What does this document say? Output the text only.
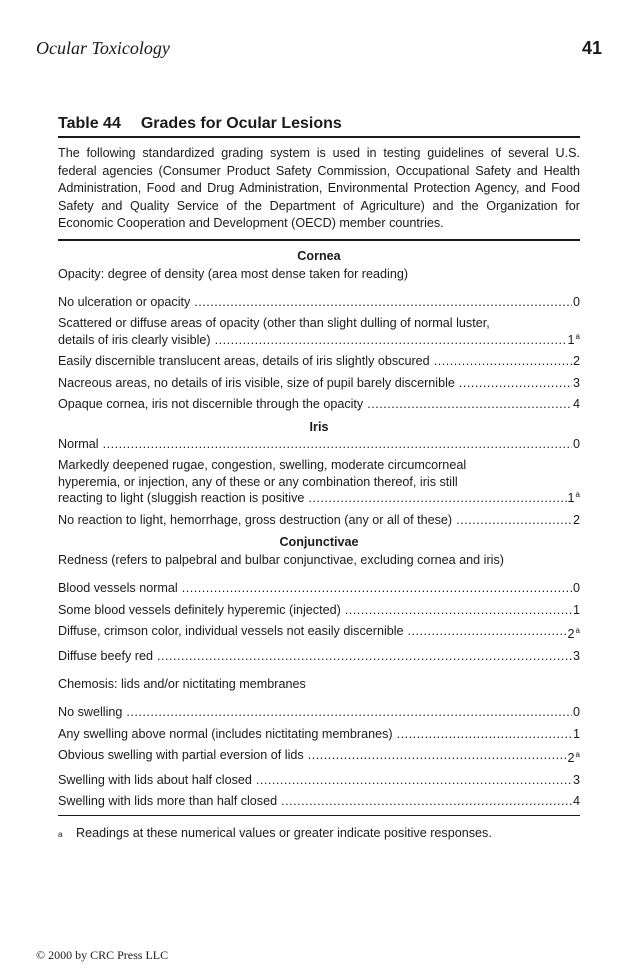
Ocular Toxicology	41
Table 44 Grades for Ocular Lesions
The following standardized grading system is used in testing guidelines of several U.S. federal agencies (Consumer Product Safety Commission, Occupational Safety and Health Administration, Food and Drug Administration, Environmental Protection Agency, and Food Safety and Quality Service of the Department of Agriculture) and the Organization for Economic Cooperation and Development (OECD) member countries.
Cornea
Opacity: degree of density (area most dense taken for reading)
No ulceration or opacity .....	0
Scattered or diffuse areas of opacity (other than slight dulling of normal luster,
details of iris clearly visible) .....	1$^a$
Easily discernible translucent areas, details of iris slightly obscured .....	2
Nacreous areas, no details of iris visible, size of pupil barely discernible .....	3
Opaque cornea, iris not discernible through the opacity .....	4
Iris
Normal .....	0
Markedly deepened rugae, congestion, swelling, moderate circumcorneal
hyperemia, or injection, any of these or any combination thereof, iris still
reacting to light (sluggish reaction is positive .....	1$^a$
No reaction to light, hemorrhage, gross destruction (any or all of these) .....	2
Conjunctivae
Redness (refers to palpebral and bulbar conjunctivae, excluding cornea and iris)
Blood vessels normal .....	0
Some blood vessels definitely hyperemic (injected) .....	1
Diffuse, crimson color, individual vessels not easily discernible .....	2$^a$
Diffuse beefy red .....	3
Chemosis: lids and/or nictitating membranes
No swelling .....	0
Any swelling above normal (includes nictitating membranes) .....	1
Obvious swelling with partial eversion of lids .....	2$^a$
Swelling with lids about half closed .....	3
Swelling with lids more than half closed .....	4
a	Readings at these numerical values or greater indicate positive responses.
© 2000 by CRC Press LLC
